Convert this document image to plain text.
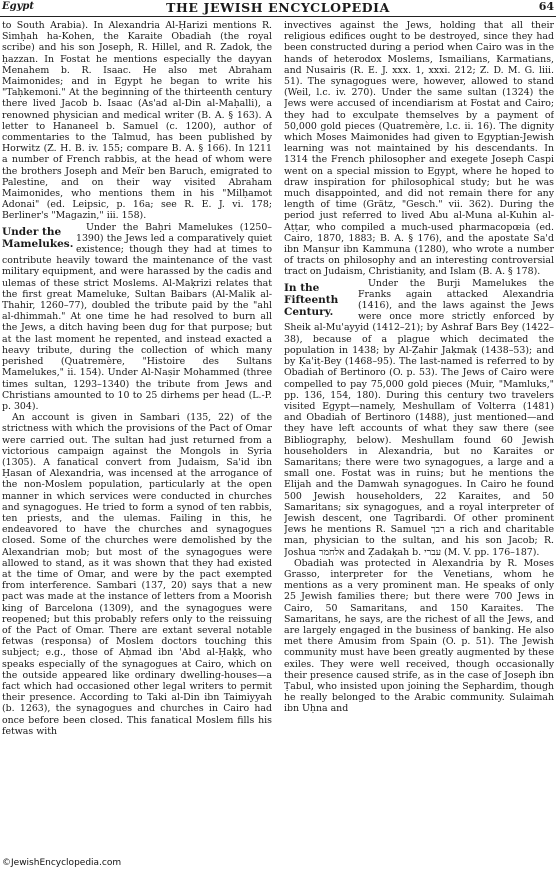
Egypt	THE JEWISH ENCYCLOPEDIA	64

to South Arabia). In Alexandria Al-Ḥarizi mentions R. Simḥah ha-Kohen, the Karaite Obadiah (the royal scribe) and his son Joseph, R. Hillel, and R. Zadok, the ḥazzan. In Fostat he mentions especially the dayyan Menahem b. R. Isaac. He also met Abraham Maimonides; and in Egypt he began to write his "Taḥkemoni." At the beginning of the thirteenth century there lived Jacob b. Isaac (As'ad al-Din al-Maḥalli), a renowned physician and medical writer (B. A. § 163). A letter to Hananeel b. Samuel (c. 1200), author of commentaries to the Talmud, has been published by Horwitz (Z. H. B. iv. 155; compare B. A. § 166). In 1211 a number of French rabbis, at the head of whom were the brothers Joseph and Meïr ben Baruch, emigrated to Palestine, and on their way visited Abraham Maimonides, who mentions them in his "Milḥamot Adonai" (ed. Leipsic, p. 16a; see R. E. J. vi. 178; Berliner's "Magazin," iii. 158).

Under the Mamelukes.
Under the Baḥri Mamelukes (1250–1390) the Jews led a comparatively quiet existence; though they had at times to contribute heavily toward the maintenance of the vast military equipment, and were harassed by the cadis and ulemas of these strict Moslems. Al-Maḳrizi relates that the first great Mameluke, Sultan Baibars (Al-Malik al-Thahir, 1260–77), doubled the tribute paid by the "ahl al-dhimmah." At one time he had resolved to burn all the Jews, a ditch having been dug for that purpose; but at the last moment he repented, and instead exacted a heavy tribute, during the collection of which many perished (Quatremère, "Histoire des Sultans Mamelukes," ii. 154). Under Al-Naṣir Mohammed (three times sultan, 1293–1340) the tribute from Jews and Christians amounted to 10 to 25 dirhems per head (L.-P. p. 304).

An account is given in Sambari (135, 22) of the strictness with which the provisions of the Pact of Omar were carried out. The sultan had just returned from a victorious campaign against the Mongols in Syria (1305). A fanatical convert from Judaism, Sa'id ibn Ḥasan of Alexandria, was incensed at the arrogance of the non-Moslem population, particularly at the open manner in which services were conducted in churches and synagogues. He tried to form a synod of ten rabbis, ten priests, and the ulemas. Failing in this, he endeavored to have the churches and synagogues closed. Some of the churches were demolished by the Alexandrian mob; but most of the synagogues were allowed to stand, as it was shown that they had existed at the time of Omar, and were by the pact exempted from interference. Sambari (137, 20) says that a new pact was made at the instance of letters from a Moorish king of Barcelona (1309), and the synagogues were reopened; but this probably refers only to the reissuing of the Pact of Omar. There are extant several notable fetwas (responsa) of Moslem doctors touching this subject; e.g., those of Aḥmad ibn 'Abd al-Ḥaḳḳ, who speaks especially of the synagogues at Cairo, which on the outside appeared like ordinary dwelling-houses—a fact which had occasioned other legal writers to permit their presence. According to Taki al-Din ibn Taimiyyah (b. 1263), the synagogues and churches in Cairo had once before been closed. This fanatical Moslem fills his fetwas with

invectives against the Jews, holding that all their religious edifices ought to be destroyed, since they had been constructed during a period when Cairo was in the hands of heterodox Moslems, Ismailians, Karmatians, and Nusairis (R. E. J. xxx. 1, xxxi. 212; Z. D. M. G. liii. 51). The synagogues were, however, allowed to stand (Weil, l.c. iv. 270). Under the same sultan (1324) the Jews were accused of incendiarism at Fostat and Cairo; they had to exculpate themselves by a payment of 50,000 gold pieces (Quatremère, l.c. ii. 16). The dignity which Moses Maimonides had given to Egyptian-Jewish learning was not maintained by his descendants. In 1314 the French philosopher and exegete Joseph Caspi went on a special mission to Egypt, where he hoped to draw inspiration for philosophical study; but he was much disappointed, and did not remain there for any length of time (Grätz, "Gesch." vii. 362). During the period just referred to lived Abu al-Muna al-Kuhin al-Aṭṭar, who compiled a much-used pharmacopœia (ed. Cairo, 1870, 1883; B. A. § 176), and the apostate Sa'd ibn Manṣur ibn Kammuna (1280), who wrote a number of tracts on philosophy and an interesting controversial tract on Judaism, Christianity, and Islam (B. A. § 178).

In the Fifteenth Century.
Under the Burji Mamelukes the Franks again attacked Alexandria (1416), and the laws against the Jews were once more strictly enforced by Sheik al-Mu'ayyid (1412–21); by Ashraf Bars Bey (1422–38), because of a plague which decimated the population in 1438; by Al-Ẓahir Jaḳmaḳ (1438–53); and by Ḳa'iṭ-Bey (1468–95). The last-named is referred to by Obadiah of Bertinoro (O. p. 53). The Jews of Cairo were compelled to pay 75,000 gold pieces (Muir, "Mamluks," pp. 136, 154, 180). During this century two travelers visited Egypt—namely, Meshullam of Volterra (1481) and Obadiah of Bertinoro (1488), just mentioned—and they have left accounts of what they saw there (see Bibliography, below). Meshullam found 60 Jewish householders in Alexandria, but no Karaites or Samaritans; there were two synagogues, a large and a small one. Fostat was in ruins; but he mentions the Elijah and the Damwah synagogues. In Cairo he found 500 Jewish householders, 22 Karaites, and 50 Samaritans; six synagogues, and a royal interpreter of Jewish descent, one Tagribardi. Of other prominent Jews he mentions R. Samuel רבך a rich and charitable man, physician to the sultan, and his son Jacob; R. Joshua אלחמר and Ẓadaḳah b. עברי (M. V. pp. 176–187).

Obadiah was protected in Alexandria by R. Moses Grasso, interpreter for the Venetians, whom he mentions as a very prominent man. He speaks of only 25 Jewish families there; but there were 700 Jews in Cairo, 50 Samaritans, and 150 Karaites. The Samaritans, he says, are the richest of all the Jews, and are largely engaged in the business of banking. He also met there Amusim from Spain (O. p. 51). The Jewish community must have been greatly augmented by these exiles. They were well received, though occasionally their presence caused strife, as in the case of Joseph ibn Ṭabul, who insisted upon joining the Sephardim, though he really belonged to the Arabic community. Sulaimah ibn Uḥna and

©JewishEncyclopedia.com
